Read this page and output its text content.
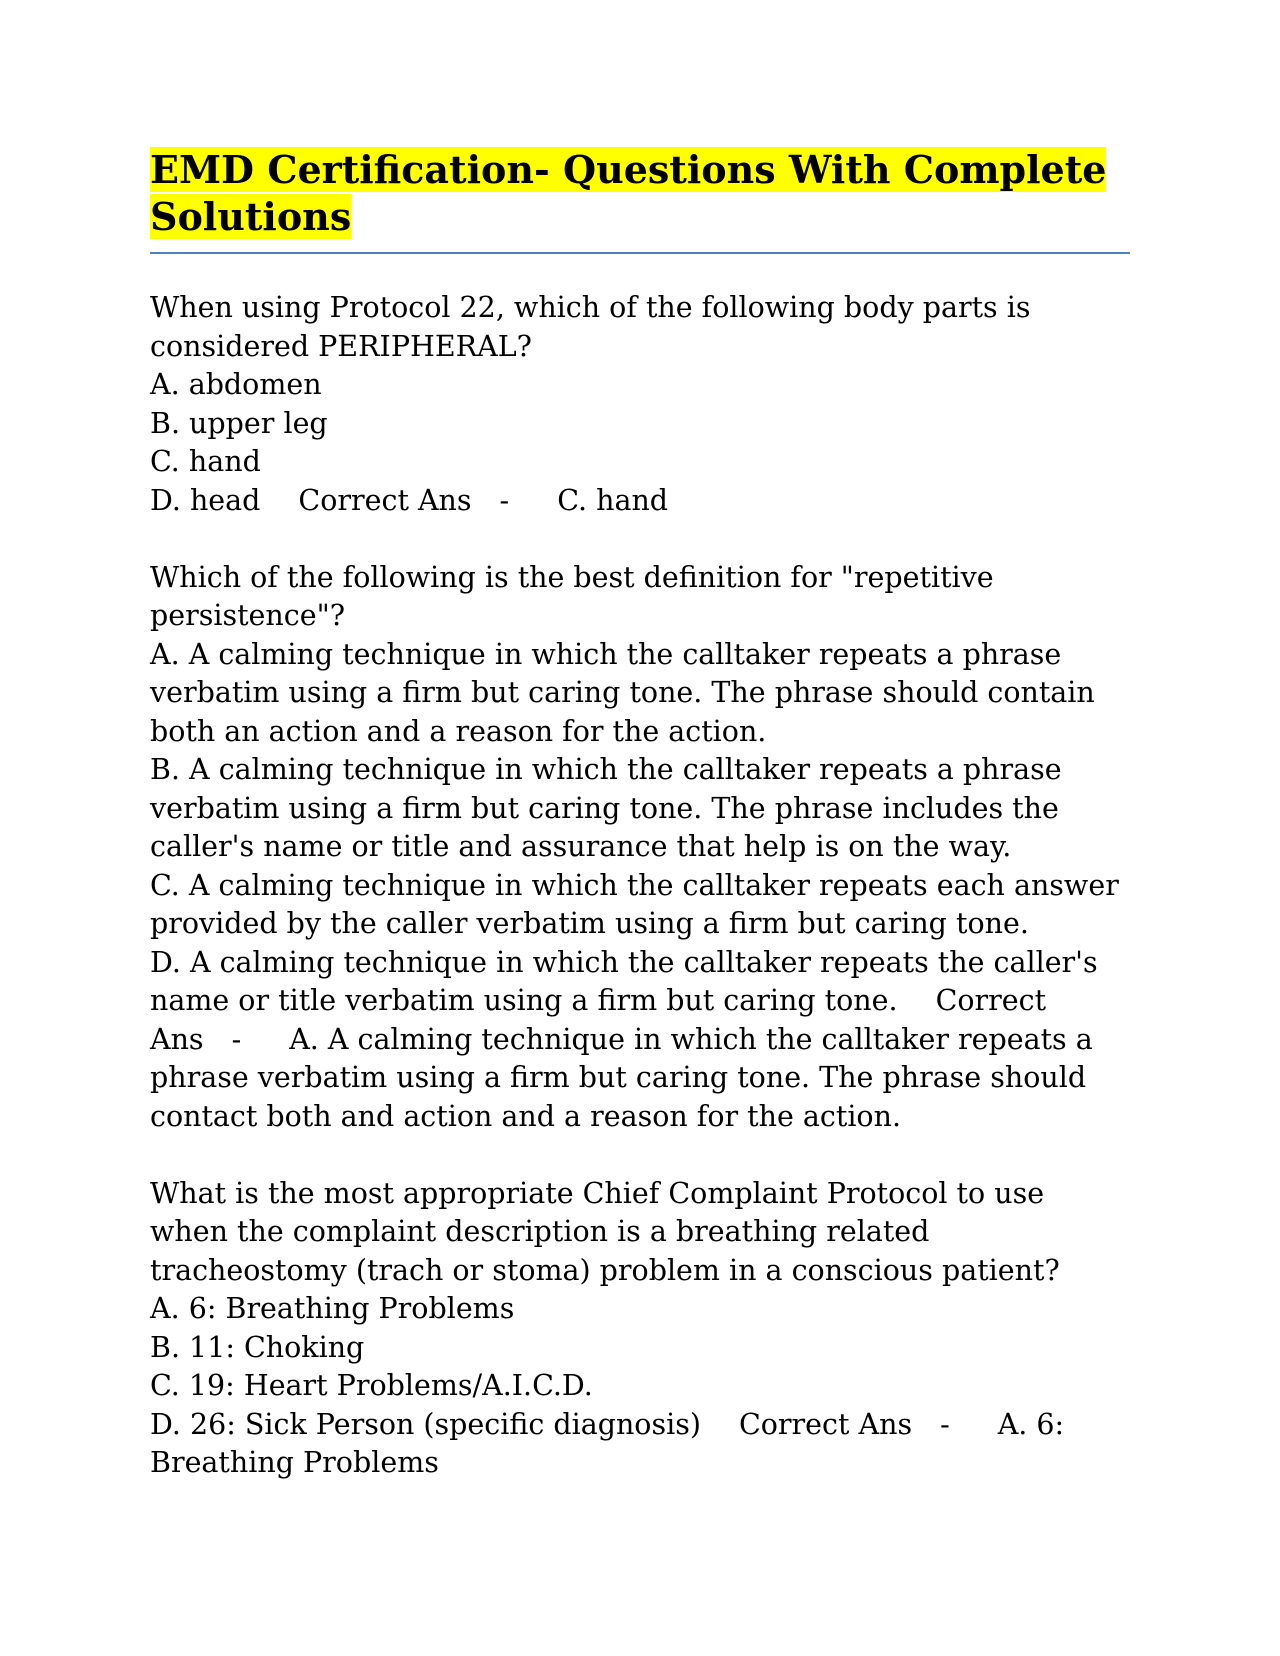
EMD Certification- Questions With Complete Solutions

When using Protocol 22, which of the following body parts is considered PERIPHERAL?

A. abdomen

B. upper leg

C. hand

D. head Correct Ans - C. hand

Which of the following is the best definition for "repetitive persistence"?

A. A calming technique in which the calltaker repeats a phrase verbatim using a firm but caring tone. The phrase should contain both an action and a reason for the action.

B. A calming technique in which the calltaker repeats a phrase verbatim using a firm but caring tone. The phrase includes the caller's name or title and assurance that help is on the way.

C. A calming technique in which the calltaker repeats each answer provided by the caller verbatim using a firm but caring tone.

D. A calming technique in which the calltaker repeats the caller's name or title verbatim using a firm but caring tone. Correct Ans - A. A calming technique in which the calltaker repeats a phrase verbatim using a firm but caring tone. The phrase should contact both and action and a reason for the action.

What is the most appropriate Chief Complaint Protocol to use when the complaint description is a breathing related tracheostomy (trach or stoma) problem in a conscious patient?

A. 6: Breathing Problems

B. 11: Choking

C. 19: Heart Problems/A.I.C.D.

D. 26: Sick Person (specific diagnosis) Correct Ans - A. 6: Breathing Problems
